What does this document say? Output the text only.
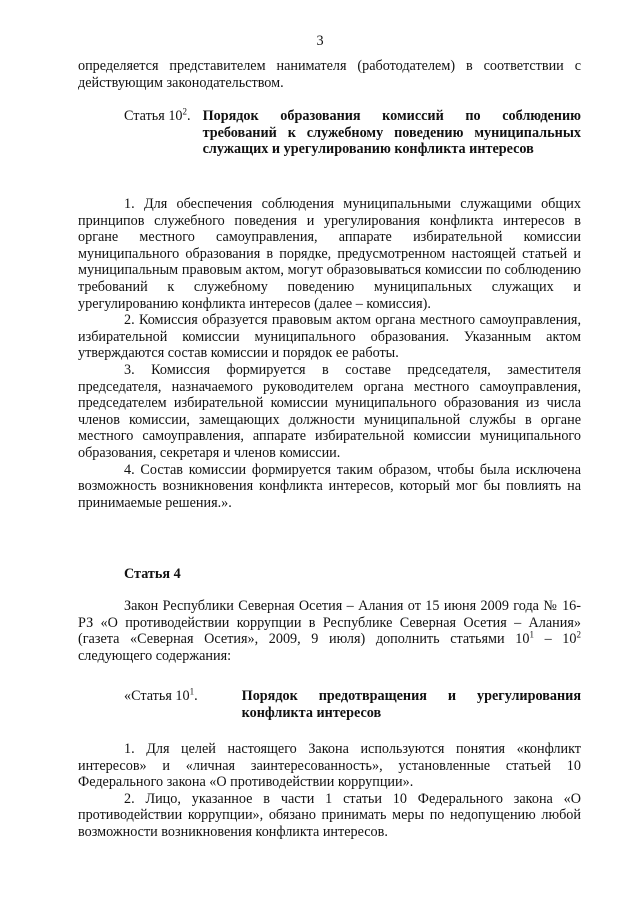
3
определяется представителем нанимателя (работодателем) в соответствии с действующим законодательством.
Статья $10^2$. Порядок образования комиссий по соблюдению требований к служебному поведению муниципальных служащих и урегулированию конфликта интересов
1. Для обеспечения соблюдения муниципальными служащими общих принципов служебного поведения и урегулирования конфликта интересов в органе местного самоуправления, аппарате избирательной комиссии муниципального образования в порядке, предусмотренном настоящей статьей и муниципальным правовым актом, могут образовываться комиссии по соблюдению требований к служебному поведению муниципальных служащих и урегулированию конфликта интересов (далее – комиссия).
2. Комиссия образуется правовым актом органа местного самоуправления, избирательной комиссии муниципального образования. Указанным актом утверждаются состав комиссии и порядок ее работы.
3. Комиссия формируется в составе председателя, заместителя председателя, назначаемого руководителем органа местного самоуправления, председателем избирательной комиссии муниципального образования из числа членов комиссии, замещающих должности муниципальной службы в органе местного самоуправления, аппарате избирательной комиссии муниципального образования, секретаря и членов комиссии.
4. Состав комиссии формируется таким образом, чтобы была исключена возможность возникновения конфликта интересов, который мог бы повлиять на принимаемые решения.».
Статья 4
Закон Республики Северная Осетия – Алания от 15 июня 2009 года № 16-РЗ «О противодействии коррупции в Республике Северная Осетия – Алания» (газета «Северная Осетия», 2009, 9 июля) дополнить статьями $10^1 - 10^2$ следующего содержания:
«Статья $10^1$.	Порядок предотвращения и урегулирования конфликта интересов
1. Для целей настоящего Закона используются понятия «конфликт интересов» и «личная заинтересованность», установленные статьей 10 Федерального закона «О противодействии коррупции».
2. Лицо, указанное в части 1 статьи 10 Федерального закона «О противодействии коррупции», обязано принимать меры по недопущению любой возможности возникновения конфликта интересов.
